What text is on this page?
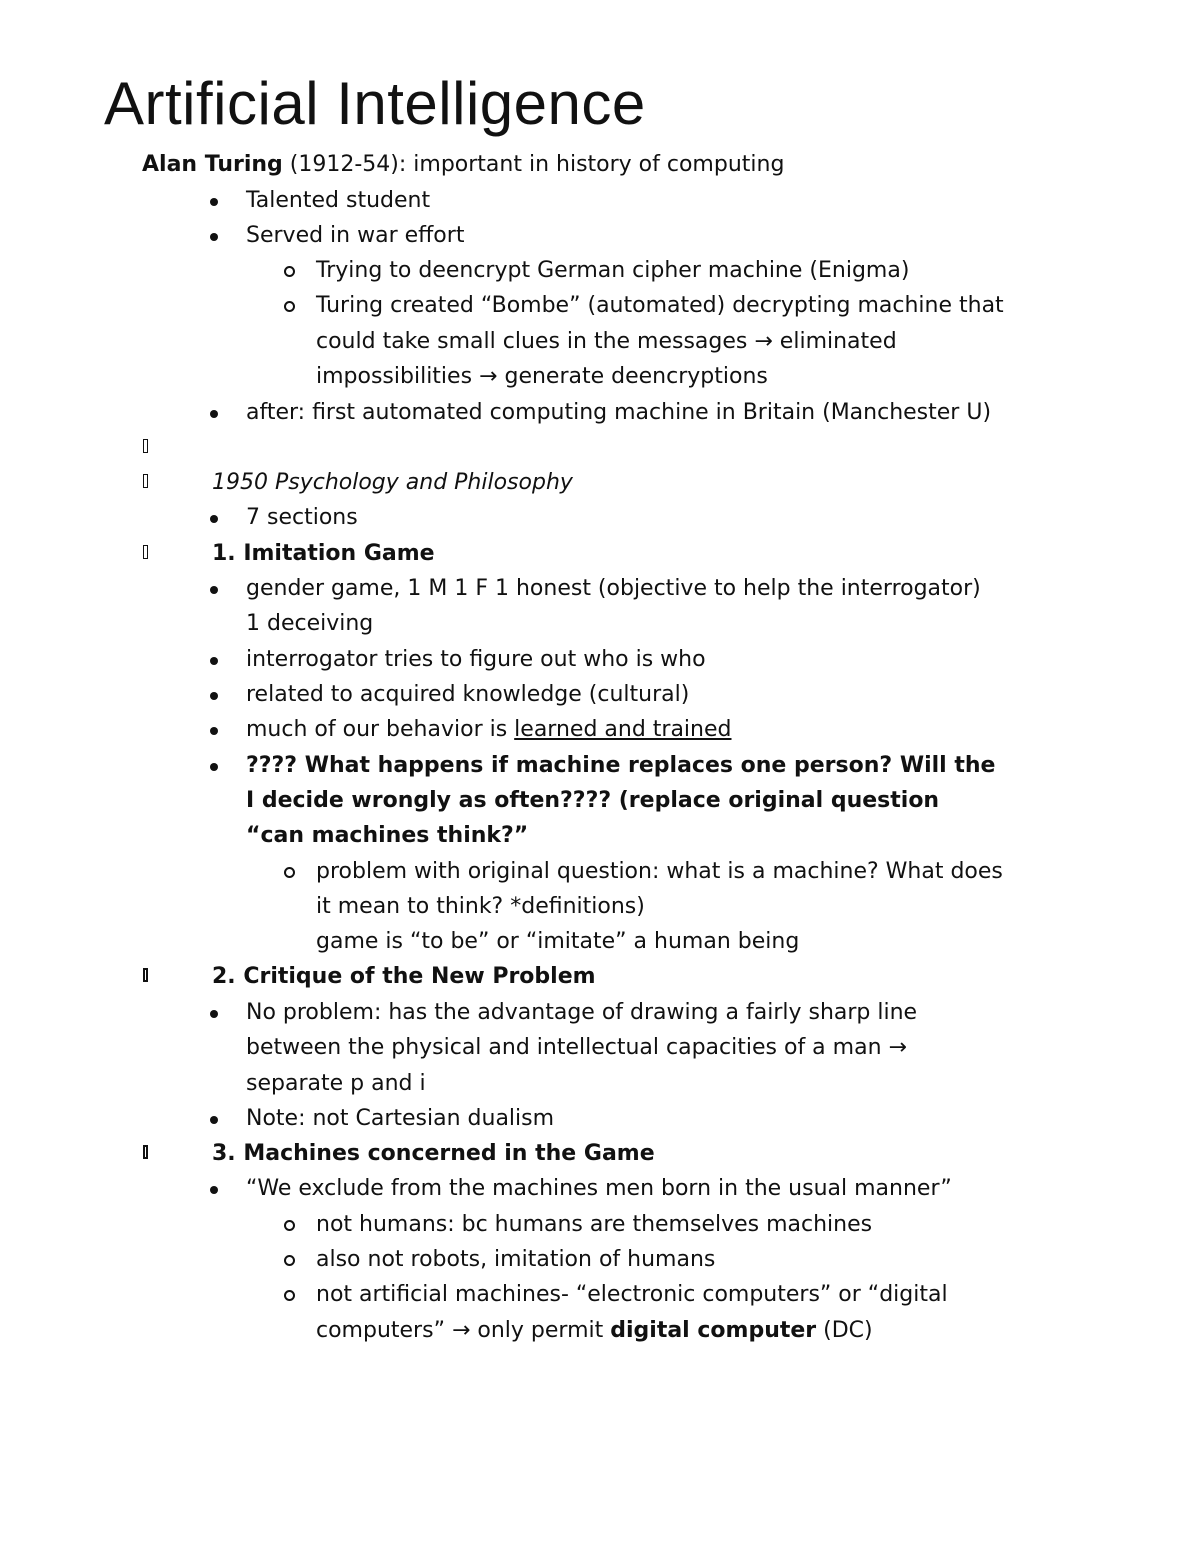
Artificial Intelligence
Alan Turing (1912-54): important in history of computing
Talented student
Served in war effort
Trying to deencrypt German cipher machine (Enigma)
Turing created “Bombe” (automated) decrypting machine that
could take small clues in the messages → eliminated
impossibilities → generate deencryptions
after: first automated computing machine in Britain (Manchester U)
1950 Psychology and Philosophy
7 sections
1. Imitation Game
gender game, 1 M 1 F 1 honest (objective to help the interrogator)
1 deceiving
interrogator tries to figure out who is who
related to acquired knowledge (cultural)
much of our behavior is learned and trained
???? What happens if machine replaces one person? Will the
I decide wrongly as often???? (replace original question
“can machines think?”
problem with original question: what is a machine? What does
it mean to think? *definitions)
game is “to be” or “imitate” a human being
2. Critique of the New Problem
No problem: has the advantage of drawing a fairly sharp line
between the physical and intellectual capacities of a man →
separate p and i
Note: not Cartesian dualism
3. Machines concerned in the Game
“We exclude from the machines men born in the usual manner”
not humans: bc humans are themselves machines
also not robots, imitation of humans
not artificial machines- “electronic computers” or “digital
computers” → only permit digital computer (DC)
